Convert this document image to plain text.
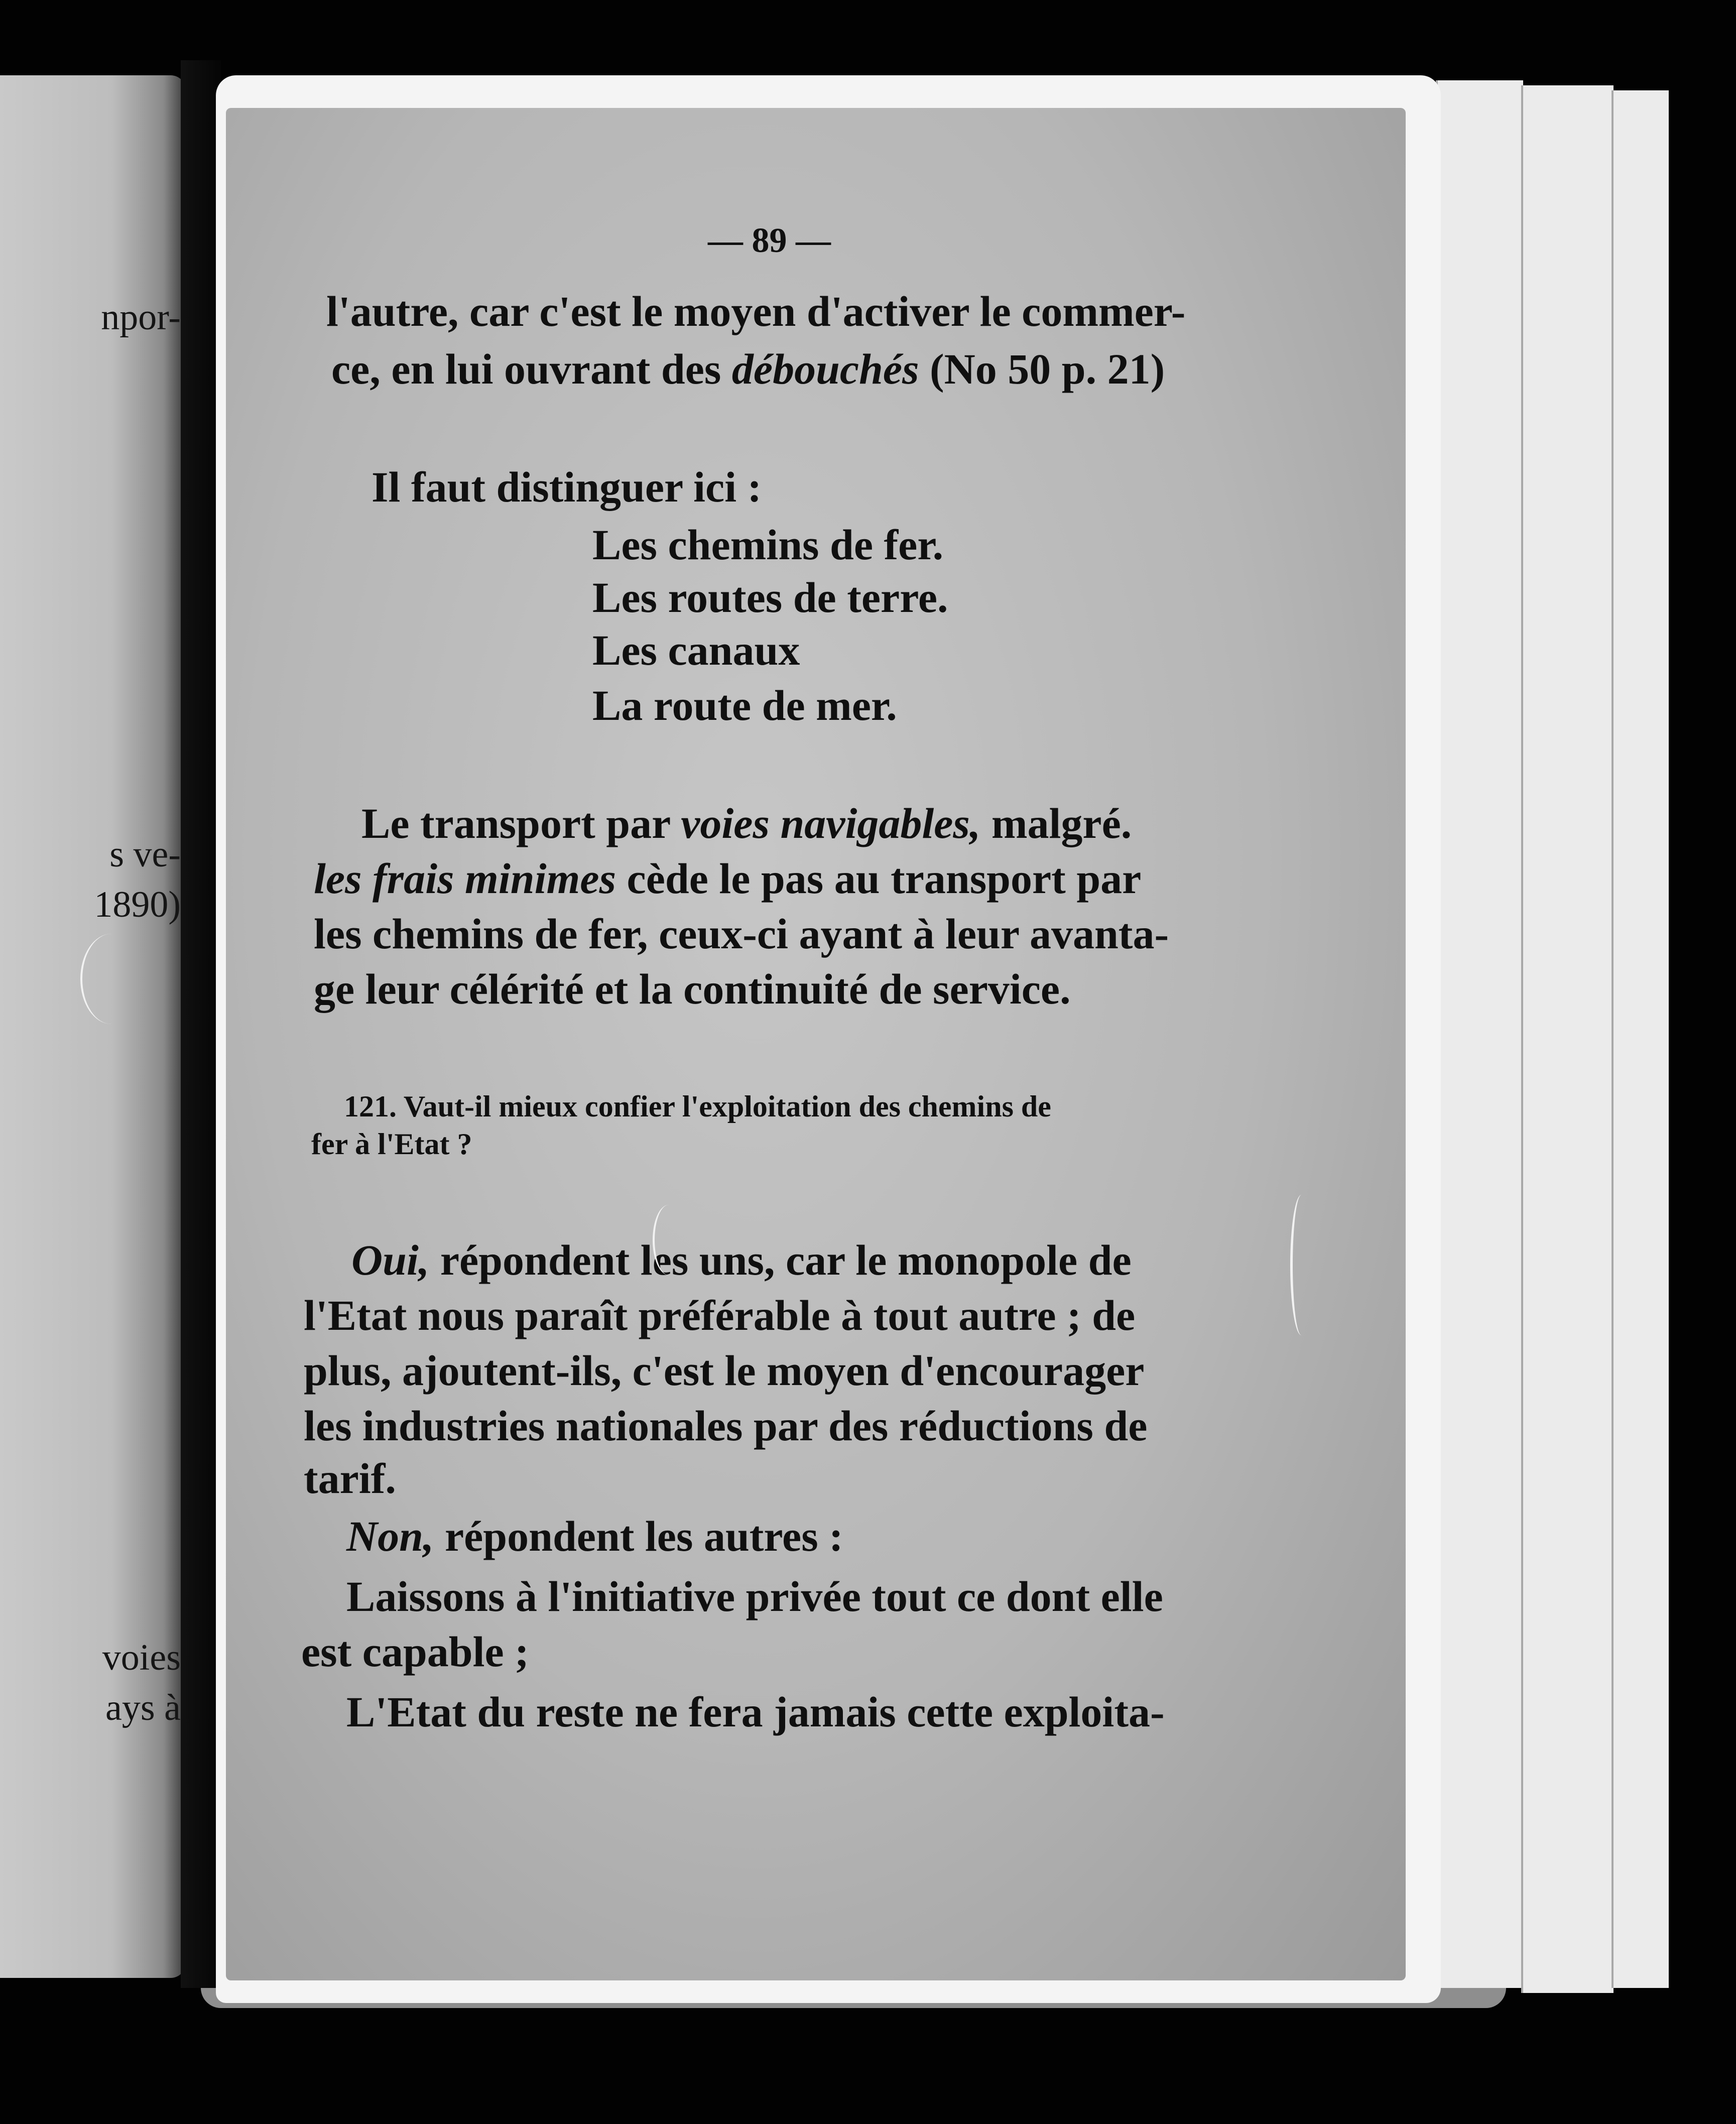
npor-
s ve-
1890)
voies
ays à
— 89 —
l'autre, car c'est le moyen d'activer le commer-
ce, en lui ouvrant des débouchés (No 50 p. 21)
Il faut distinguer ici :
Les chemins de fer.
Les routes de terre.
Les canaux
La route de mer.
Le transport par voies navigables, malgré.
les frais minimes cède le pas au transport par
les chemins de fer, ceux-ci ayant à leur avanta-
ge leur célérité et la continuité de service.
121. Vaut-il mieux confier l'exploitation des chemins de
fer à l'Etat ?
Oui, répondent les uns, car le monopole de
l'Etat nous paraît préférable à tout autre ; de
plus, ajoutent-ils, c'est le moyen d'encourager
les industries nationales par des réductions de
tarif.
Non, répondent les autres :
Laissons à l'initiative privée tout ce dont elle
est capable ;
L'Etat du reste ne fera jamais cette exploita-
